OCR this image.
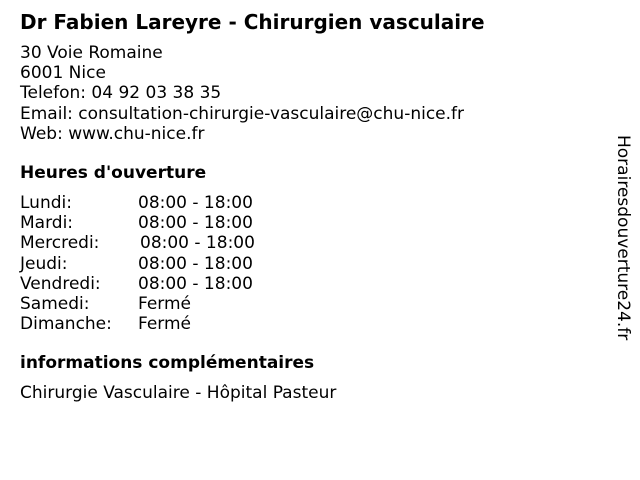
Dr Fabien Lareyre - Chirurgien vasculaire
30 Voie Romaine
6001 Nice
Telefon: 04 92 03 38 35
Email: consultation-chirurgie-vasculaire@chu-nice.fr
Web: www.chu-nice.fr
Heures d'ouverture
Lundi:	08:00 - 18:00
Mardi:	08:00 - 18:00
Mercredi: 08:00 - 18:00
Jeudi:	08:00 - 18:00
Vendredi: 08:00 - 18:00
Samedi:	Fermé
Dimanche: Fermé
informations complémentaires
Chirurgie Vasculaire - Hôpital Pasteur
Horairesdouverture24.fr
